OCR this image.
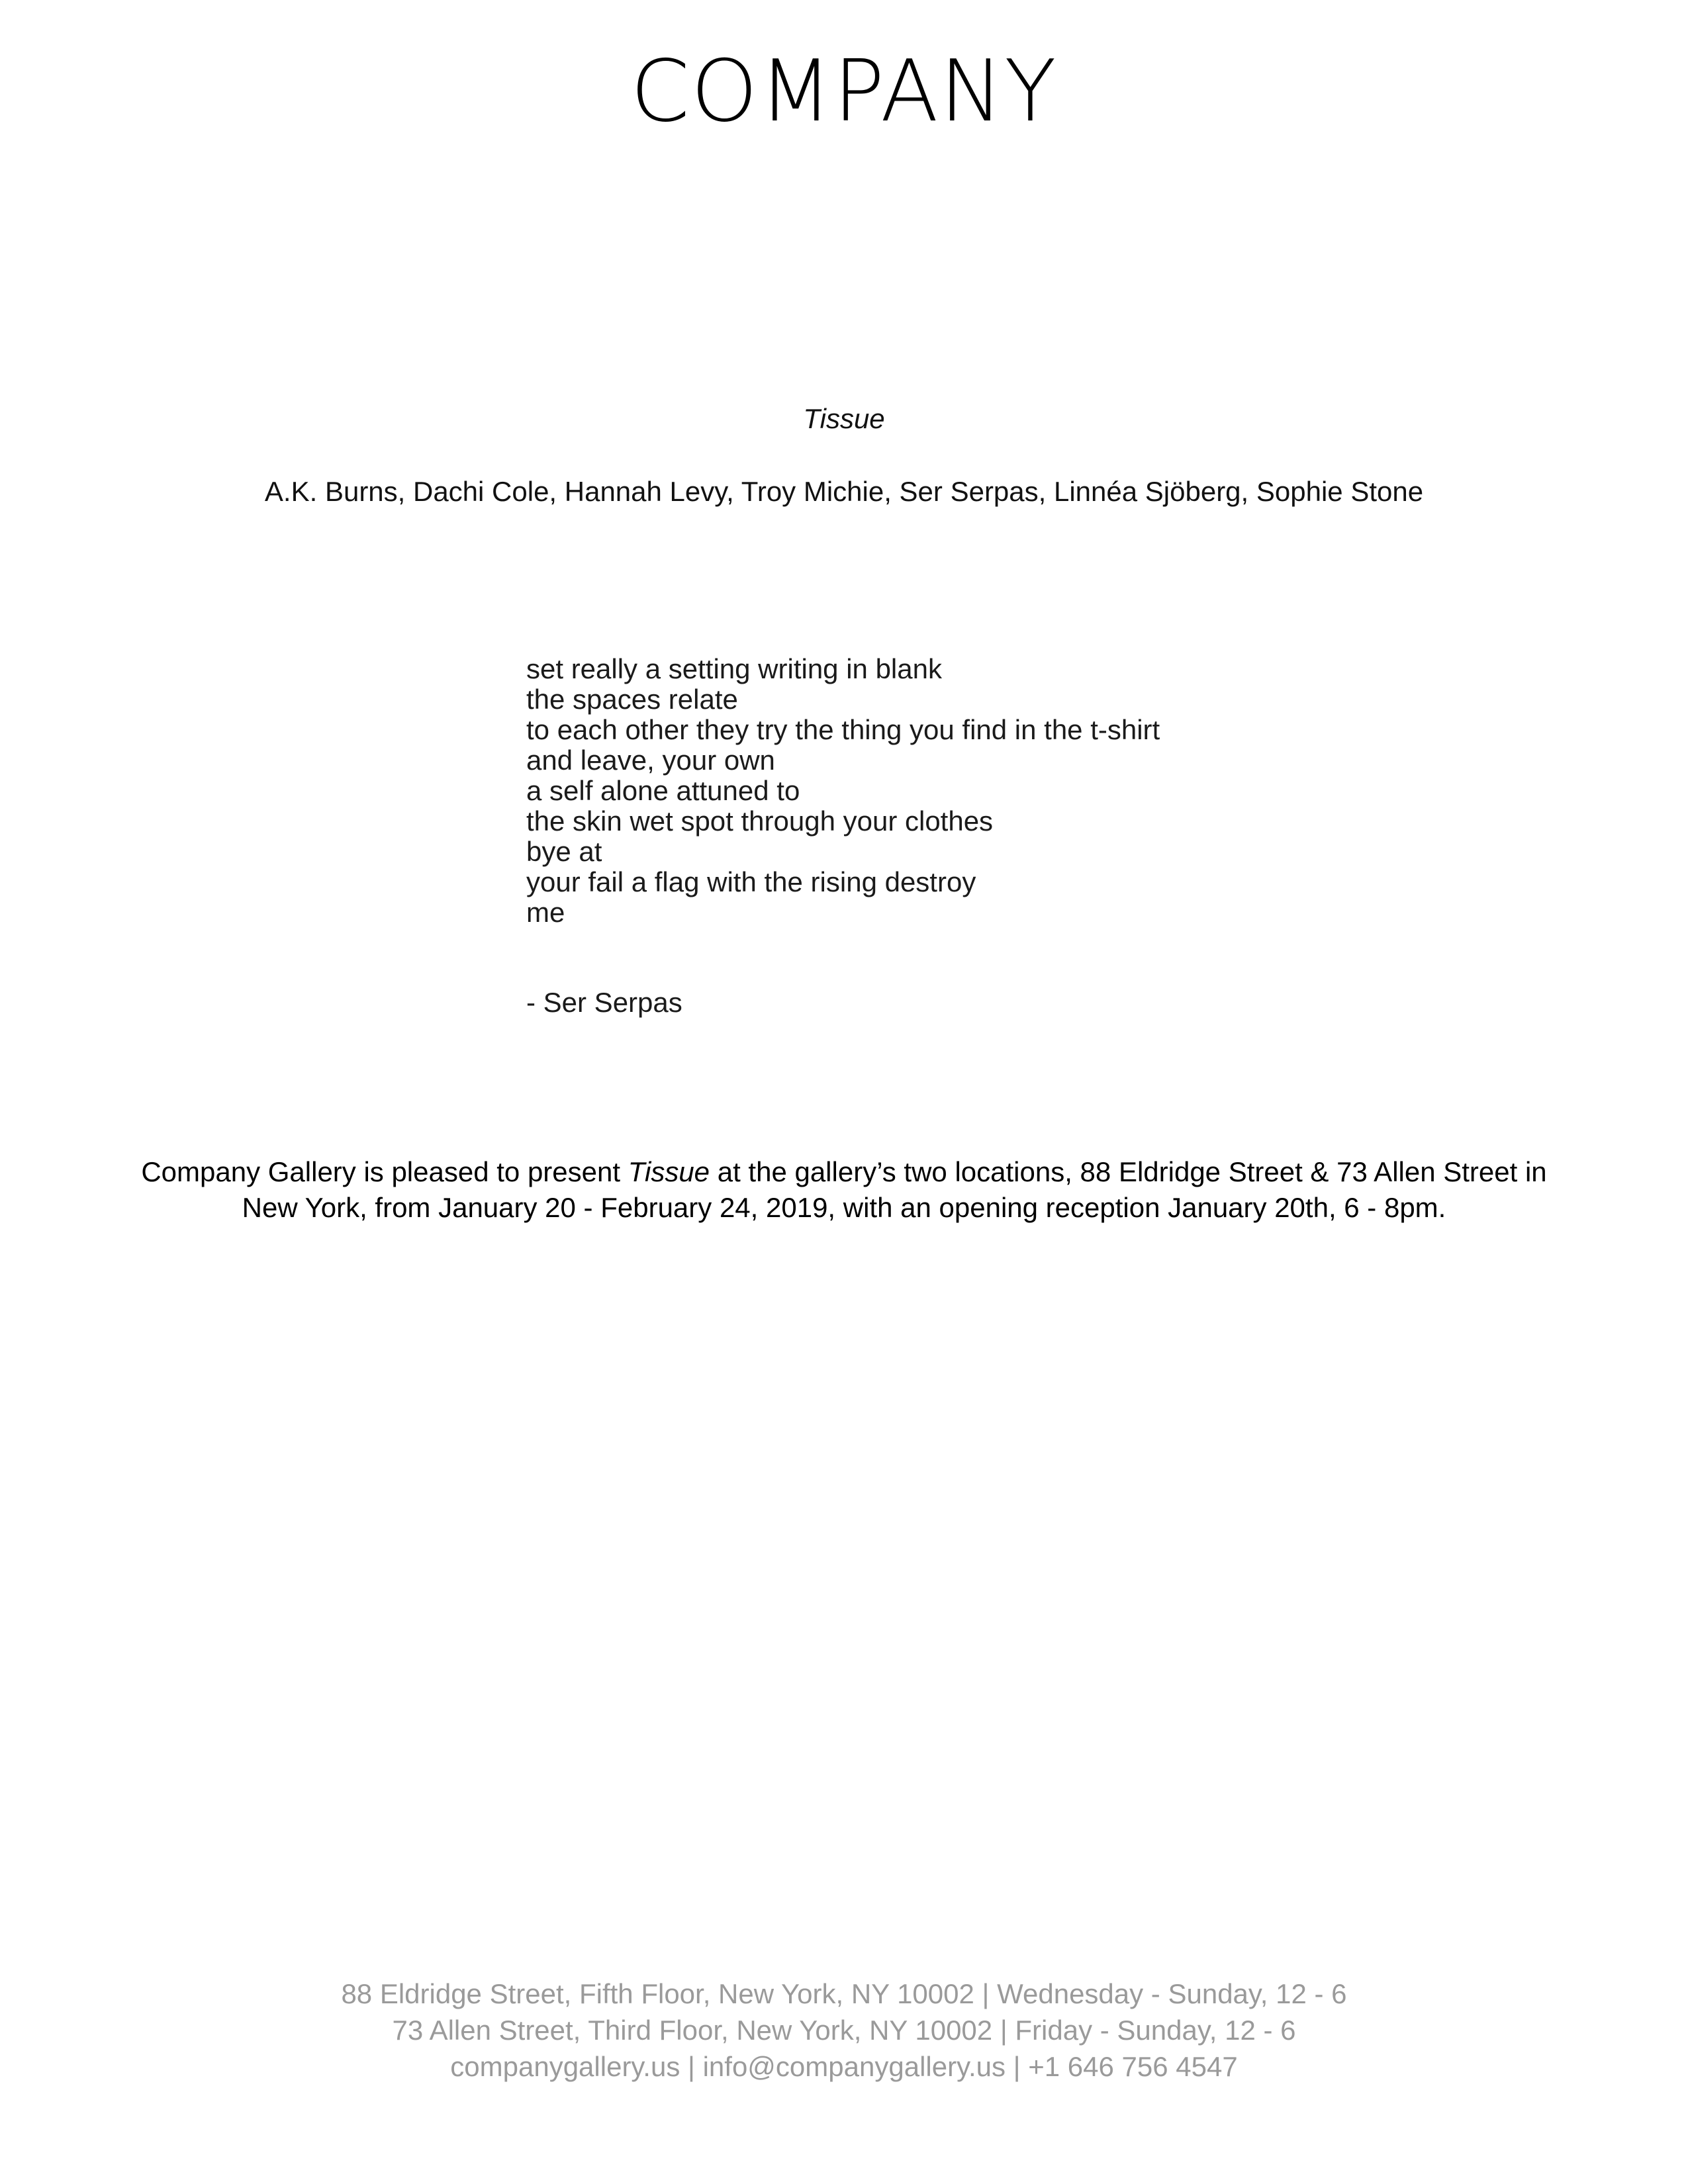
COMPANY
Tissue
A.K. Burns, Dachi Cole, Hannah Levy, Troy Michie, Ser Serpas, Linnéa Sjöberg, Sophie Stone
set really a setting writing in blank
the spaces relate
to each other they try the thing you find in the t-shirt
and leave, your own
a self alone attuned to
the skin wet spot through your clothes
bye at
your fail a flag with the rising destroy
me
- Ser Serpas
Company Gallery is pleased to present Tissue at the gallery’s two locations, 88 Eldridge Street & 73 Allen Street in
New York, from January 20 - February 24, 2019, with an opening reception January 20th, 6 - 8pm.
88 Eldridge Street, Fifth Floor, New York, NY 10002 | Wednesday - Sunday, 12 - 6
73 Allen Street, Third Floor, New York, NY 10002 | Friday - Sunday, 12 - 6
companygallery.us | info@companygallery.us | +1 646 756 4547
